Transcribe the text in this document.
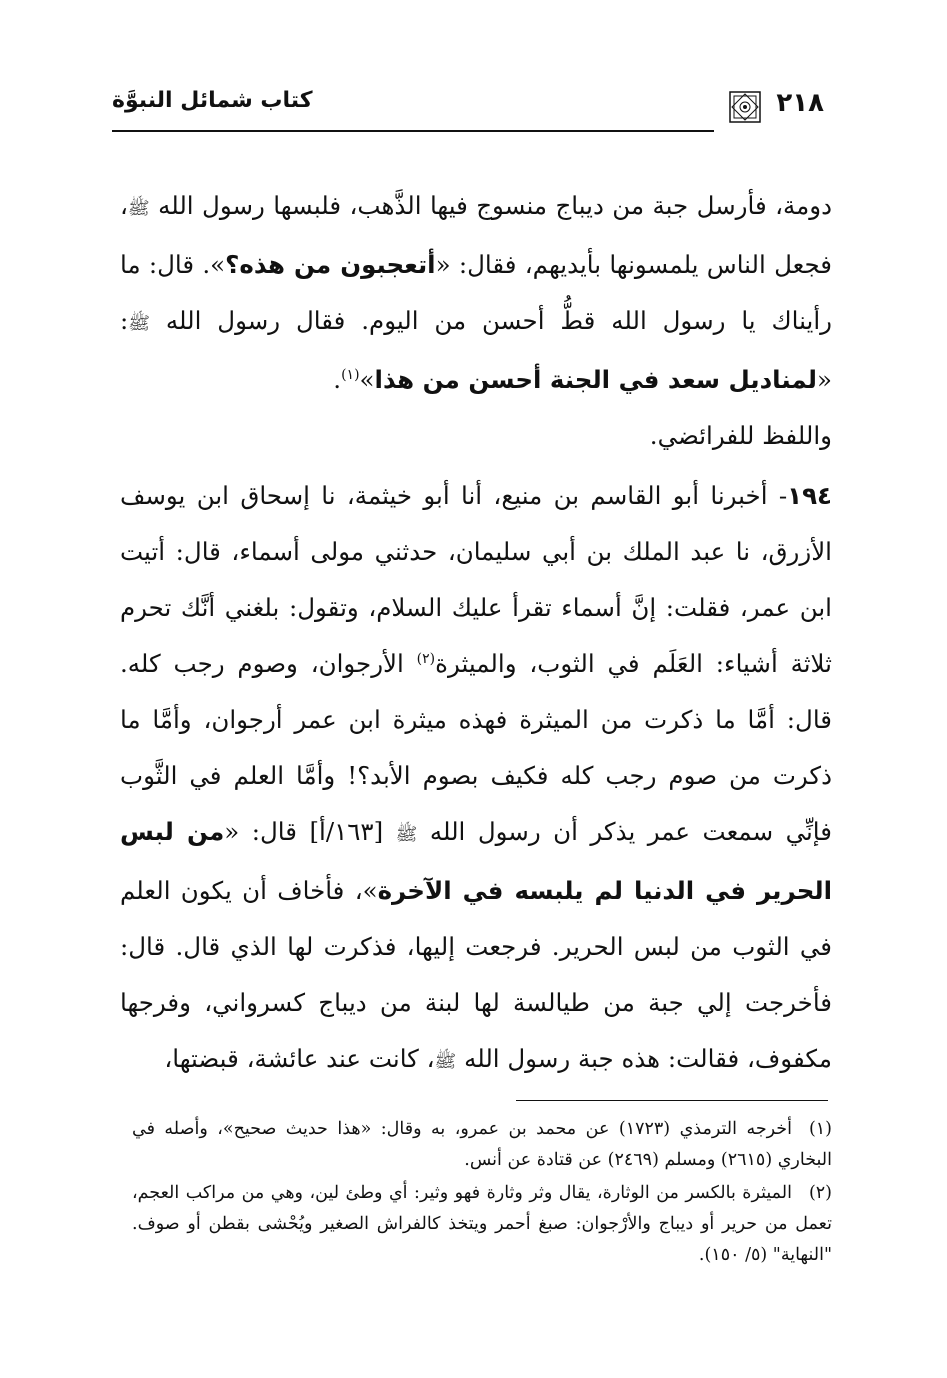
٢١٨
كتاب شمائل النبوَّة

دومة، فأرسل جبة من ديباج منسوج فيها الذَّهب، فلبسها رسول الله ﷺ، فجعل الناس يلمسونها بأيديهم، فقال: «أتعجبون من هذه؟». قال: ما رأيناك يا رسول الله قطُّ أحسن من اليوم. فقال رسول الله ﷺ: «لمناديل سعد في الجنة أحسن من هذا»$^{(١)}$.

واللفظ للفرائضي.

١٩٤- أخبرنا أبو القاسم بن منيع، أنا أبو خيثمة، نا إسحاق ابن يوسف الأزرق، نا عبد الملك بن أبي سليمان، حدثني مولى أسماء، قال: أتيت ابن عمر، فقلت: إنَّ أسماء تقرأ عليك السلام، وتقول: بلغني أنَّك تحرم ثلاثة أشياء: العَلَم في الثوب، والميثرة$^{(٢)}$ الأرجوان، وصوم رجب كله. قال: أمَّا ما ذكرت من الميثرة فهذه ميثرة ابن عمر أرجوان، وأمَّا ما ذكرت من صوم رجب كله فكيف بصوم الأبد؟! وأمَّا العلم في الثَّوب فإنِّي سمعت عمر يذكر أن رسول الله ﷺ [١٦٣/أ] قال: «من لبس الحرير في الدنيا لم يلبسه في الآخرة»، فأخاف أن يكون العلم في الثوب من لبس الحرير. فرجعت إليها، فذكرت لها الذي قال. قال: فأخرجت إلي جبة من طيالسة لها لبنة من ديباج كسرواني، وفرجها مكفوف، فقالت: هذه جبة رسول الله ﷺ، كانت عند عائشة، قبضتها،

(١)أخرجه الترمذي (١٧٢٣) عن محمد بن عمرو، به وقال: «هذا حديث صحيح»، وأصله في البخاري (٢٦١٥) ومسلم (٢٤٦٩) عن قتادة عن أنس.

(٢)الميثرة بالكسر من الوثارة، يقال وثر وثارة فهو وثير: أي وطئ لين، وهي من مراكب العجم، تعمل من حرير أو ديباج والأرْجوان: صبغ أحمر ويتخذ كالفراش الصغير ويُحْشى بقطن أو صوف. "النهاية" (٥/ ١٥٠).
